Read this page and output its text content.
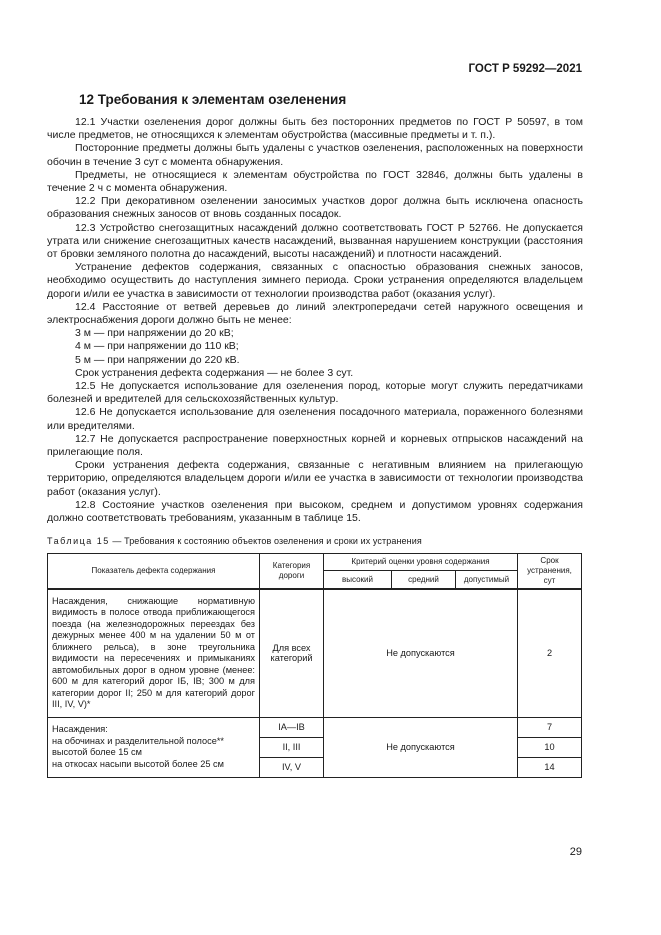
ГОСТ Р 59292—2021
12 Требования к элементам озеленения

12.1 Участки озеленения дорог должны быть без посторонних предметов по ГОСТ Р 50597, в том числе предметов, не относящихся к элементам обустройства (массивные предметы и т. п.).

Посторонние предметы должны быть удалены с участков озеленения, расположенных на поверхности обочин в течение 3 сут с момента обнаружения.

Предметы, не относящиеся к элементам обустройства по ГОСТ 32846, должны быть удалены в течение 2 ч с момента обнаружения.

12.2 При декоративном озеленении заносимых участков дорог должна быть исключена опасность образования снежных заносов от вновь созданных посадок.

12.3 Устройство снегозащитных насаждений должно соответствовать ГОСТ Р 52766. Не допускается утрата или снижение снегозащитных качеств насаждений, вызванная нарушением конструкции (расстояния от бровки земляного полотна до насаждений, высоты насаждений) и плотности насаждений.

Устранение дефектов содержания, связанных с опасностью образования снежных заносов, необходимо осуществить до наступления зимнего периода. Сроки устранения определяются владельцем дороги и/или ее участка в зависимости от технологии производства работ (оказания услуг).

12.4 Расстояние от ветвей деревьев до линий электропередачи сетей наружного освещения и электроснабжения дороги должно быть не менее:

3 м — при напряжении до 20 кВ;

4 м — при напряжении до 110 кВ;

5 м — при напряжении до 220 кВ.

Срок устранения дефекта содержания — не более 3 сут.

12.5 Не допускается использование для озеленения пород, которые могут служить передатчиками болезней и вредителей для сельскохозяйственных культур.

12.6 Не допускается использование для озеленения посадочного материала, пораженного болезнями или вредителями.

12.7 Не допускается распространение поверхностных корней и корневых отпрысков насаждений на прилегающие поля.

Сроки устранения дефекта содержания, связанные с негативным влиянием на прилегающую территорию, определяются владельцем дороги и/или ее участка в зависимости от технологии производства работ (оказания услуг).

12.8 Состояние участков озеленения при высоком, среднем и допустимом уровнях содержания должно соответствовать требованиям, указанным в таблице 15.

Таблица 15 — Требования к состоянию объектов озеленения и сроки их устранения
Показатель дефекта содержания	Категория дороги	Критерий оценки уровня содержания			Срок устранения, сут
		высокий	средний	допустимый	
Насаждения, снижающие нормативную видимость в полосе отвода приближающегося поезда (на железнодорожных переездах без дежурных менее 400 м на удалении 50 м от ближнего рельса), в зоне треугольника видимости на пересечениях и примыканиях автомобильных дорог в одном уровне (менее: 600 м для категорий дорог IБ, IВ; 300 м для категории дорог II; 250 м для категорий дорог III, IV, V)*	Для всех категорий	Не допускаются			2

Насаждения:
на обочинах и разделительной полосе** высотой более 15 см
на откосах насыпи высотой более 25 см	IА—IВ	Не допускаются			7
	II, III				10
	IV, V				14
29
